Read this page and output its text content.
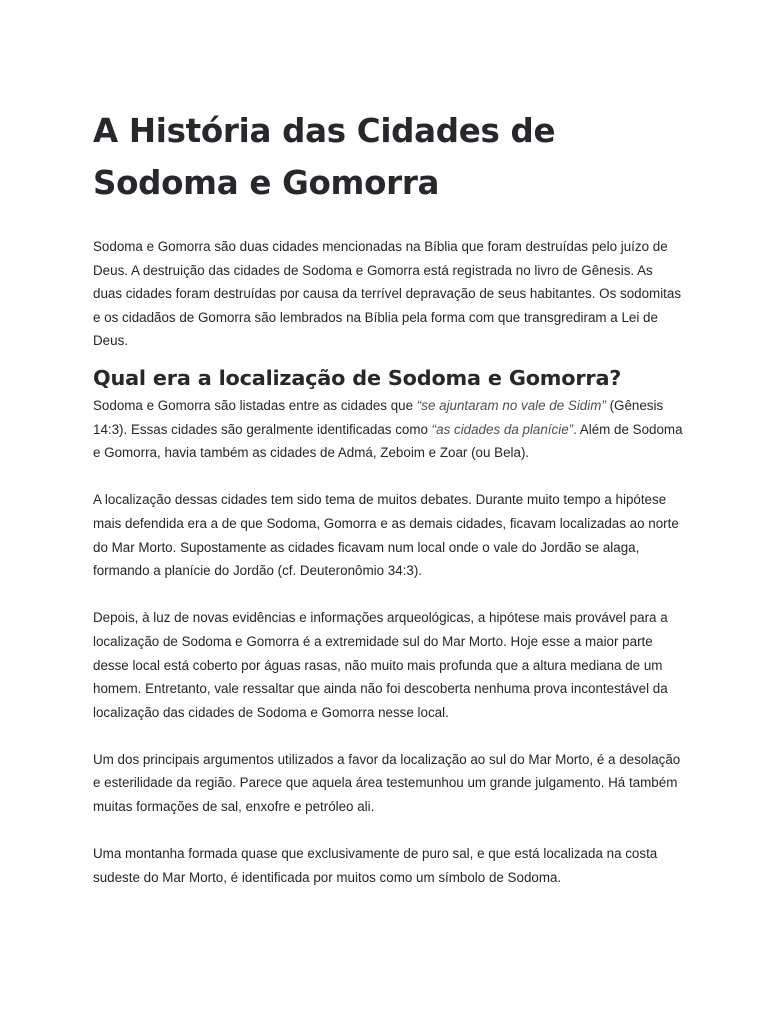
A História das Cidades de Sodoma e Gomorra

Sodoma e Gomorra são duas cidades mencionadas na Bíblia que foram destruídas pelo juízo de Deus. A destruição das cidades de Sodoma e Gomorra está registrada no livro de Gênesis. As duas cidades foram destruídas por causa da terrível depravação de seus habitantes. Os sodomitas e os cidadãos de Gomorra são lembrados na Bíblia pela forma com que transgrediram a Lei de Deus.

Qual era a localização de Sodoma e Gomorra?

Sodoma e Gomorra são listadas entre as cidades que “se ajuntaram no vale de Sidim” (Gênesis 14:3). Essas cidades são geralmente identificadas como “as cidades da planície”. Além de Sodoma e Gomorra, havia também as cidades de Admá, Zeboim e Zoar (ou Bela).

A localização dessas cidades tem sido tema de muitos debates. Durante muito tempo a hipótese mais defendida era a de que Sodoma, Gomorra e as demais cidades, ficavam localizadas ao norte do Mar Morto. Supostamente as cidades ficavam num local onde o vale do Jordão se alaga, formando a planície do Jordão (cf. Deuteronômio 34:3).

Depois, à luz de novas evidências e informações arqueológicas, a hipótese mais provável para a localização de Sodoma e Gomorra é a extremidade sul do Mar Morto. Hoje esse a maior parte desse local está coberto por águas rasas, não muito mais profunda que a altura mediana de um homem. Entretanto, vale ressaltar que ainda não foi descoberta nenhuma prova incontestável da localização das cidades de Sodoma e Gomorra nesse local.

Um dos principais argumentos utilizados a favor da localização ao sul do Mar Morto, é a desolação e esterilidade da região. Parece que aquela área testemunhou um grande julgamento. Há também muitas formações de sal, enxofre e petróleo ali.

Uma montanha formada quase que exclusivamente de puro sal, e que está localizada na costa sudeste do Mar Morto, é identificada por muitos como um símbolo de Sodoma.
